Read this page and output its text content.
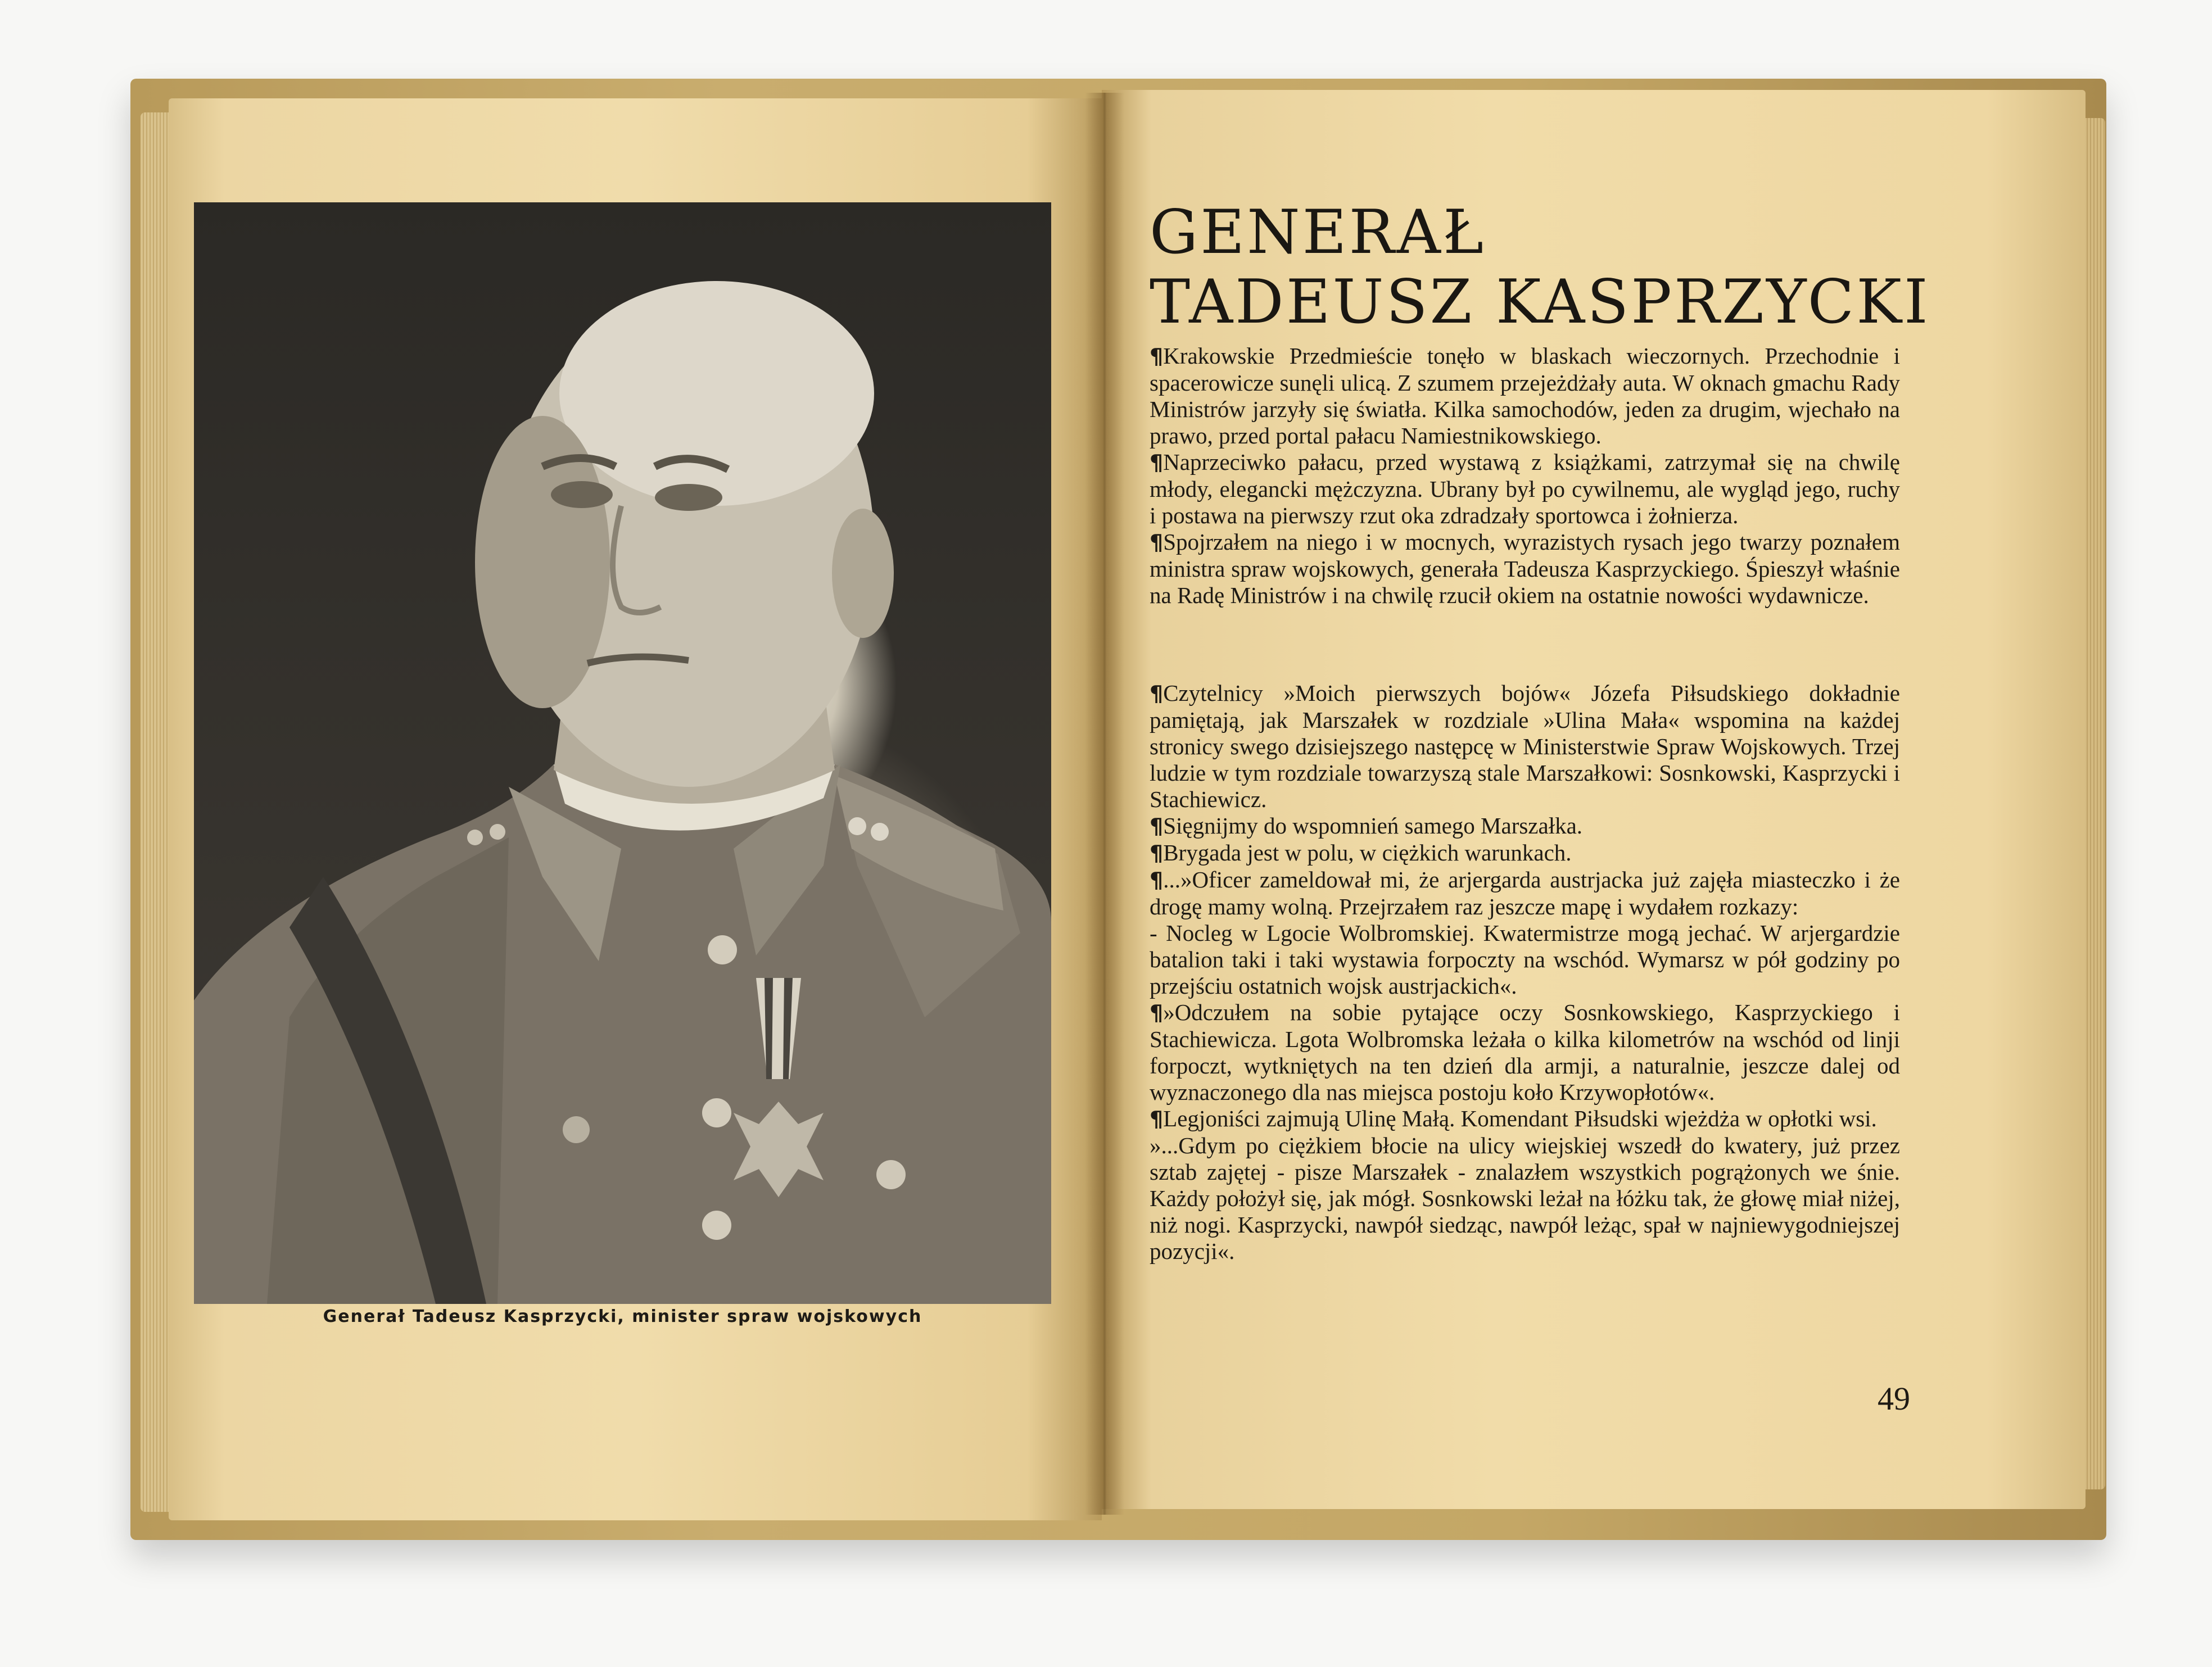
Generał Tadeusz Kasprzycki, minister spraw wojskowych
GENERAŁ
TADEUSZ KASPRZYCKI

¶Krakowskie Przedmieście tonęło w blaskach wieczornych. Przechodnie i spacerowicze sunęli ulicą. Z szumem przejeżdżały auta. W oknach gmachu Rady Ministrów jarzyły się światła. Kilka samochodów, jeden za drugim, wjechało na prawo, przed portal pałacu Namiestnikowskiego.

¶Naprzeciwko pałacu, przed wystawą z książkami, zatrzymał się na chwilę młody, elegancki mężczyzna. Ubrany był po cywilnemu, ale wygląd jego, ruchy i postawa na pierwszy rzut oka zdradzały sportowca i żołnierza.

¶Spojrzałem na niego i w mocnych, wyrazistych rysach jego twarzy poznałem ministra spraw wojskowych, generała Tadeusza Kasprzyckiego. Śpieszył właśnie na Radę Ministrów i na chwilę rzucił okiem na ostatnie nowości wydawnicze.

¶Czytelnicy »Moich pierwszych bojów« Józefa Piłsudskiego dokładnie pamiętają, jak Marszałek w rozdziale »Ulina Mała« wspomina na każdej stronicy swego dzisiejszego następcę w Ministerstwie Spraw Wojskowych. Trzej ludzie w tym rozdziale towarzyszą stale Marszałkowi: Sosnkowski, Kasprzycki i Stachiewicz.

¶Sięgnijmy do wspomnień samego Marszałka.

¶Brygada jest w polu, w ciężkich warunkach.

¶...»Oficer zameldował mi, że arjergarda austrjacka już zajęła miasteczko i że drogę mamy wolną. Przejrzałem raz jeszcze mapę i wydałem rozkazy:

- Nocleg w Lgocie Wolbromskiej. Kwatermistrze mogą jechać. W arjergardzie batalion taki i taki wystawia forpoczty na wschód. Wymarsz w pół godziny po przejściu ostatnich wojsk austrjackich«.

¶»Odczułem na sobie pytające oczy Sosnkowskiego, Kasprzyckiego i Stachiewicza. Lgota Wolbromska leżała o kilka kilometrów na wschód od linji forpoczt, wytkniętych na ten dzień dla armji, a naturalnie, jeszcze dalej od wyznaczonego dla nas miejsca postoju koło Krzywopłotów«.

¶Legjoniści zajmują Ulinę Małą. Komendant Piłsudski wjeżdża w opłotki wsi.

»...Gdym po ciężkiem błocie na ulicy wiejskiej wszedł do kwatery, już przez sztab zajętej - pisze Marszałek - znalazłem wszystkich pogrążonych we śnie. Każdy położył się, jak mógł. Sosnkowski leżał na łóżku tak, że głowę miał niżej, niż nogi. Kasprzycki, nawpół siedząc, nawpół leżąc, spał w najniewygodniejszej pozycji«.

49
